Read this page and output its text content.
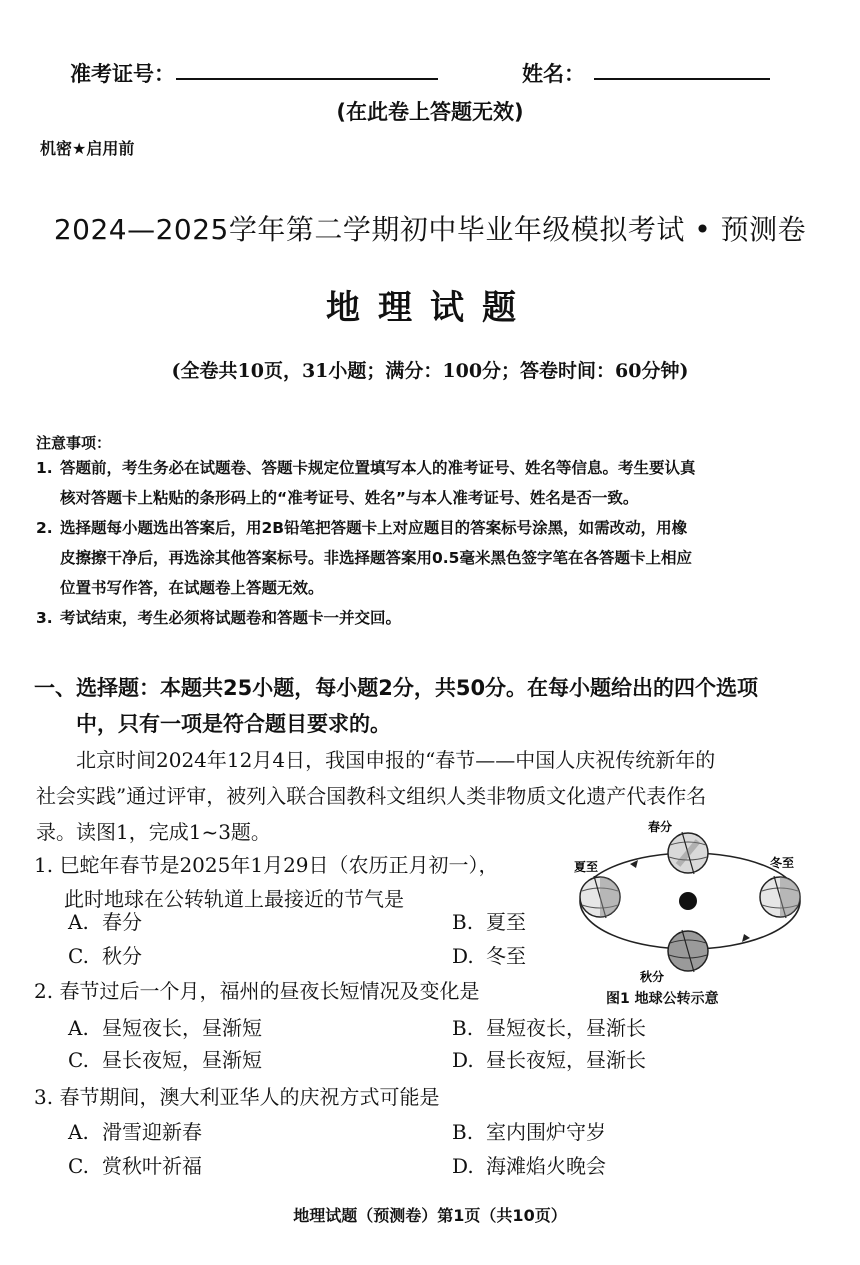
准考证号：	姓名：
(在此卷上答题无效)
机密★启用前
2024—2025学年第二学期初中毕业年级模拟考试 • 预测卷
地理试题
(全卷共10页，31小题；满分：100分；答卷时间：60分钟)
注意事项：
1. 答题前，考生务必在试题卷、答题卡规定位置填写本人的准考证号、姓名等信息。考生要认真
核对答题卡上粘贴的条形码上的“准考证号、姓名”与本人准考证号、姓名是否一致。
2. 选择题每小题选出答案后，用2B铅笔把答题卡上对应题目的答案标号涂黑，如需改动，用橡
皮擦擦干净后，再选涂其他答案标号。非选择题答案用0.5毫米黑色签字笔在各答题卡上相应
位置书写作答，在试题卷上答题无效。
3. 考试结束，考生必须将试题卷和答题卡一并交回。
一、选择题：本题共25小题，每小题2分，共50分。在每小题给出的四个选项
中，只有一项是符合题目要求的。
北京时间2024年12月4日，我国申报的“春节——中国人庆祝传统新年的
社会实践”通过评审，被列入联合国教科文组织人类非物质文化遗产代表作名
录。读图1，完成1~3题。
1. 巳蛇年春节是2025年1月29日（农历正月初一），
此时地球在公转轨道上最接近的节气是
A. 春分	B. 夏至
C. 秋分	D. 冬至
2. 春节过后一个月，福州的昼夜长短情况及变化是
A. 昼短夜长，昼渐短	B. 昼短夜长，昼渐长
C. 昼长夜短，昼渐短	D. 昼长夜短，昼渐长
3. 春节期间，澳大利亚华人的庆祝方式可能是
A. 滑雪迎新春	B. 室内围炉守岁
C. 赏秋叶祈福	D. 海滩焰火晚会
春分
夏至	冬至
秋分
图1 地球公转示意
地理试题（预测卷）第1页（共10页）
